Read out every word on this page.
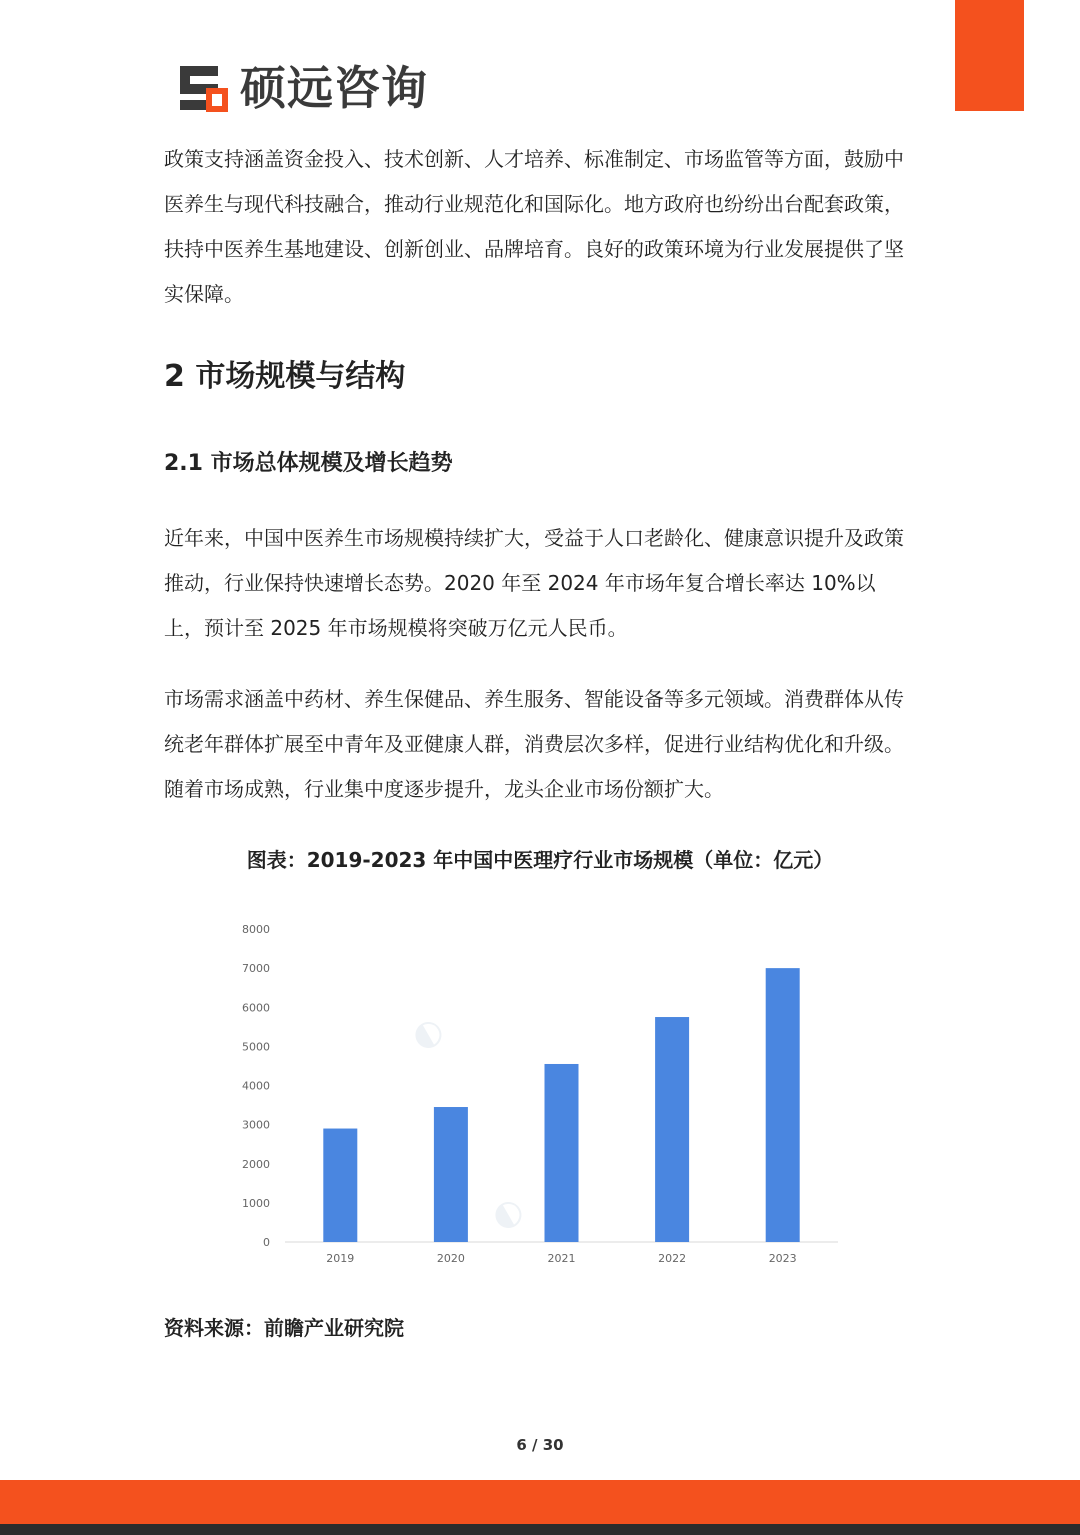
硕远咨询

政策支持涵盖资金投入、技术创新、人才培养、标准制定、市场监管等方面，鼓励中医养生与现代科技融合，推动行业规范化和国际化。地方政府也纷纷出台配套政策，扶持中医养生基地建设、创新创业、品牌培育。良好的政策环境为行业发展提供了坚实保障。

2 市场规模与结构
2.1 市场总体规模及增长趋势

近年来，中国中医养生市场规模持续扩大，受益于人口老龄化、健康意识提升及政策推动，行业保持快速增长态势。2020 年至 2024 年市场年复合增长率达 10%以上，预计至 2025 年市场规模将突破万亿元人民币。

市场需求涵盖中药材、养生保健品、养生服务、智能设备等多元领域。消费群体从传统老年群体扩展至中青年及亚健康人群，消费层次多样，促进行业结构优化和升级。随着市场成熟，行业集中度逐步提升，龙头企业市场份额扩大。

图表：2019-2023 年中国中医理疗行业市场规模（单位：亿元）
◐
◐
0
1000
2000
3000
4000
5000
6000
7000
8000
2019	2020	2021	2022	2023
资料来源：前瞻产业研究院
6 / 30
